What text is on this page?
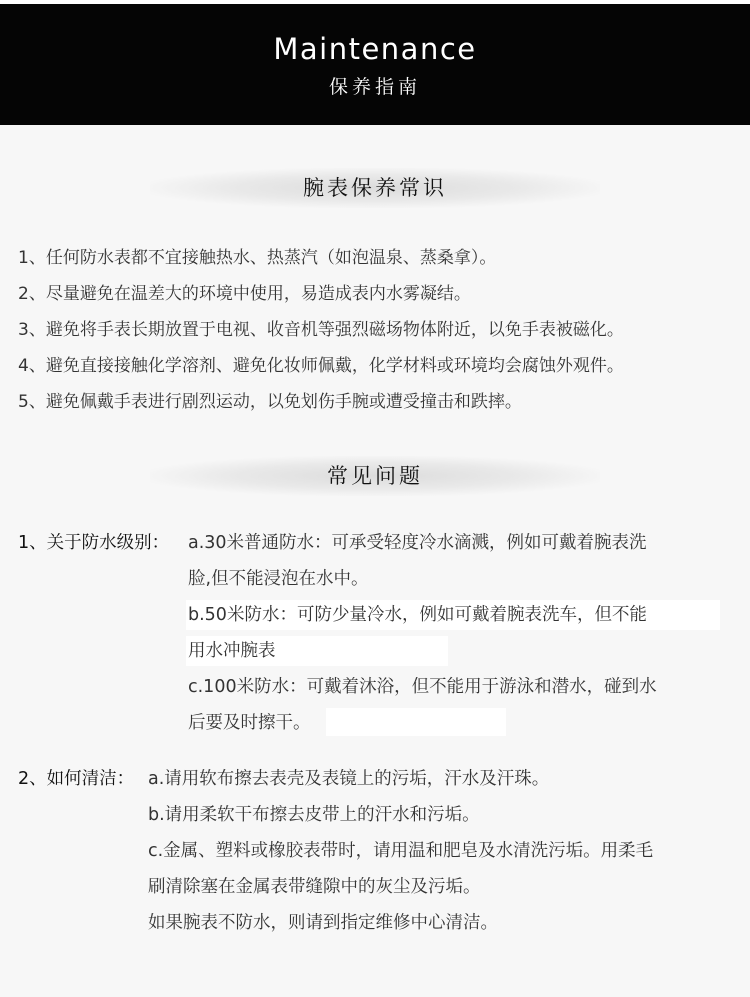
Maintenance
保养指南
腕表保养常识
1、任何防水表都不宜接触热水、热蒸汽（如泡温泉、蒸桑拿）。
2、尽量避免在温差大的环境中使用，易造成表内水雾凝结。
3、避免将手表长期放置于电视、收音机等强烈磁场物体附近，以免手表被磁化。
4、避免直接接触化学溶剂、避免化妆师佩戴，化学材料或环境均会腐蚀外观件。
5、避免佩戴手表进行剧烈运动，以免划伤手腕或遭受撞击和跌摔。
常见问题
1、关于防水级别： a.30米普通防水：可承受轻度冷水滴溅，例如可戴着腕表洗
脸,但不能浸泡在水中。
b.50米防水：可防少量冷水，例如可戴着腕表洗车，但不能
用水冲腕表
c.100米防水：可戴着沐浴，但不能用于游泳和潜水，碰到水
后要及时擦干。
2、如何清洁： a.请用软布擦去表壳及表镜上的污垢，汗水及汗珠。
b.请用柔软干布擦去皮带上的汗水和污垢。
c.金属、塑料或橡胶表带时，请用温和肥皂及水清洗污垢。用柔毛
刷清除塞在金属表带缝隙中的灰尘及污垢。
如果腕表不防水，则请到指定维修中心清洁。
